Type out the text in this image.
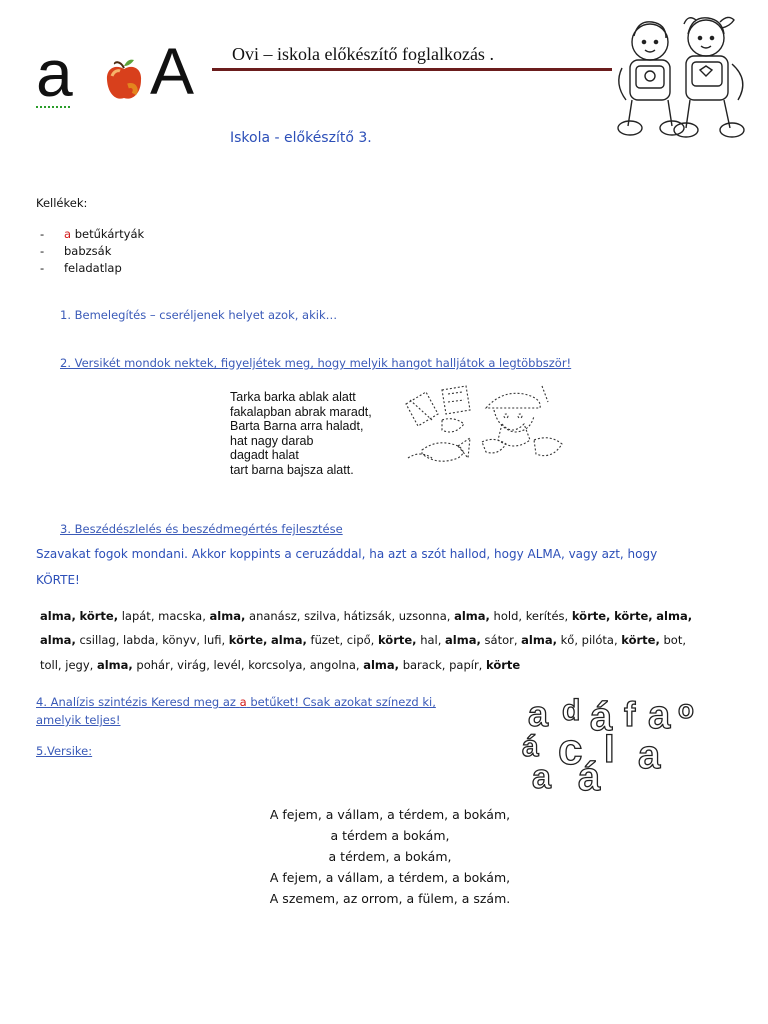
a A Ovi – iskola előkészítő foglalkozás .
Iskola - előkészítő 3.
Kellékek:
- a betűkártyák
- babzsák
- feladatlap
1. Bemelegítés – cseréljenek helyet azok, akik…
2. Versikét mondok nektek, figyeljétek meg, hogy melyik hangot halljátok a legtöbbször!
Tarka barka ablak alatt
fakalapban abrak maradt,
Barta Barna arra haladt,
hat nagy darab
dagadt halat
tart barna bajsza alatt.
3. Beszédészlelés és beszédmegértés fejlesztése
Szavakat fogok mondani. Akkor koppints a ceruzáddal, ha azt a szót hallod, hogy ALMA, vagy azt, hogy
KÖRTE!
alma, körte, lapát, macska, alma, ananász, szilva, hátizsák, uzsonna, alma, hold, kerítés, körte, körte, alma,
alma, csillag, labda, könyv, lufi, körte, alma, füzet, cipő, körte, hal, alma, sátor, alma, kő, pilóta, körte, bot,
toll, jegy, alma, pohár, virág, levél, korcsolya, angolna, alma, barack, papír, körte
4. Analízis szintézis Keresd meg az a betűket! Csak azokat színezd ki,
amelyik teljes!
5.Versike:
a d á f a o
á c l a
a á
A fejem, a vállam, a térdem, a bokám,
a térdem a bokám,
a térdem, a bokám,
A fejem, a vállam, a térdem, a bokám,
A szemem, az orrom, a fülem, a szám.
